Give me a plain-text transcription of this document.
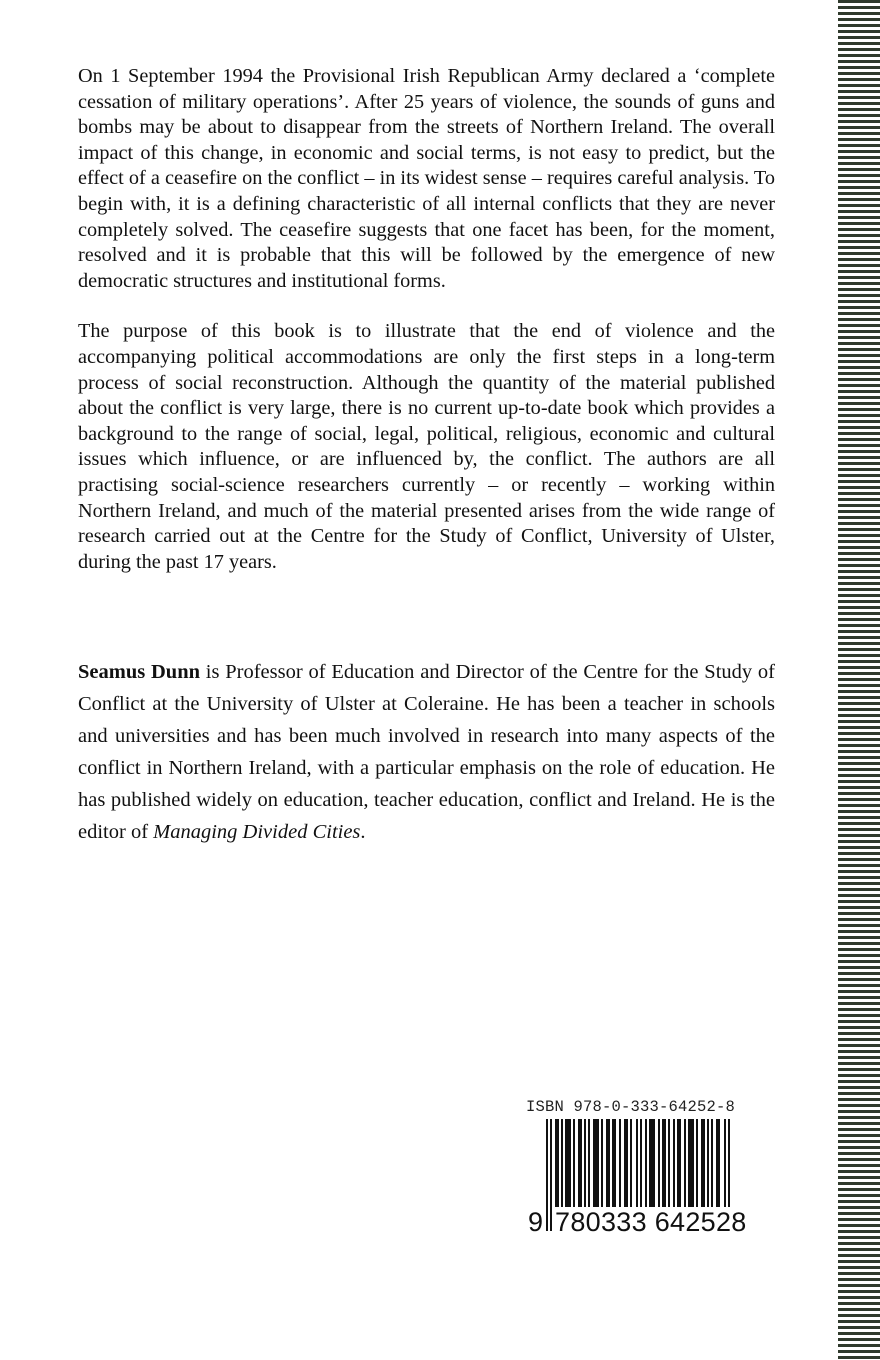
On 1 September 1994 the Provisional Irish Republican Army declared a ‘complete cessation of military operations’. After 25 years of violence, the sounds of guns and bombs may be about to disappear from the streets of Northern Ireland. The overall impact of this change, in economic and social terms, is not easy to predict, but the effect of a ceasefire on the conflict – in its widest sense – requires careful analysis. To begin with, it is a defining characteristic of all internal conflicts that they are never completely solved. The ceasefire suggests that one facet has been, for the moment, resolved and it is probable that this will be followed by the emergence of new democratic structures and institutional forms.

The purpose of this book is to illustrate that the end of violence and the accompanying political accommodations are only the first steps in a long-term process of social reconstruction. Although the quantity of the material published about the conflict is very large, there is no current up-to-date book which provides a background to the range of social, legal, political, religious, economic and cultural issues which influence, or are influenced by, the conflict. The authors are all practising social-science researchers currently – or recently – working within Northern Ireland, and much of the material presented arises from the wide range of research carried out at the Centre for the Study of Conflict, University of Ulster, during the past 17 years.

Seamus Dunn is Professor of Education and Director of the Centre for the Study of Conflict at the University of Ulster at Coleraine. He has been a teacher in schools and universities and has been much involved in research into many aspects of the conflict in Northern Ireland, with a particular emphasis on the role of education. He has published widely on education, teacher education, conflict and Ireland. He is the editor of Managing Divided Cities.

ISBN 978-0-333-64252-8
9 780333 642528
